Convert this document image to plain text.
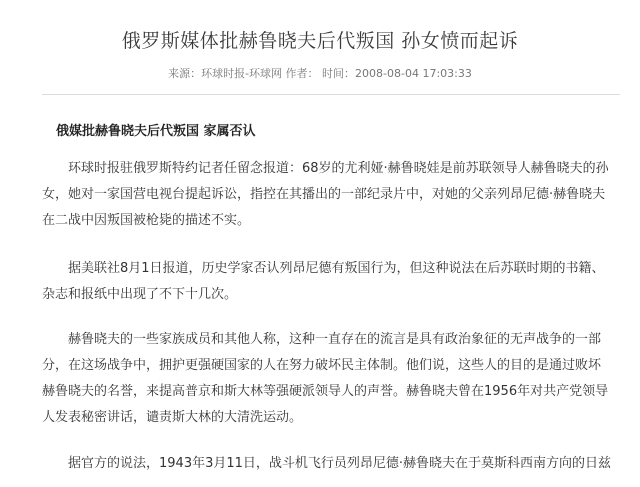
俄罗斯媒体批赫鲁晓夫后代叛国 孙女愤而起诉
来源：环球时报-环球网 作者： 时间：2008-08-04 17:03:33
俄媒批赫鲁晓夫后代叛国 家属否认
环球时报驻俄罗斯特约记者任留念报道：68岁的尤利娅·赫鲁晓娃是前苏联领导人赫鲁晓夫的孙
女，她对一家国营电视台提起诉讼，指控在其播出的一部纪录片中，对她的父亲列昂尼德·赫鲁晓夫
在二战中因叛国被枪毙的描述不实。
据美联社8月1日报道，历史学家否认列昂尼德有叛国行为，但这种说法在后苏联时期的书籍、
杂志和报纸中出现了不下十几次。
赫鲁晓夫的一些家族成员和其他人称，这种一直存在的流言是具有政治象征的无声战争的一部
分，在这场战争中，拥护更强硬国家的人在努力破坏民主体制。他们说，这些人的目的是通过败坏
赫鲁晓夫的名誉，来提高普京和斯大林等强硬派领导人的声誉。赫鲁晓夫曾在1956年对共产党领导
人发表秘密讲话，谴责斯大林的大清洗运动。
据官方的说法，1943年3月11日，战斗机飞行员列昂尼德·赫鲁晓夫在于莫斯科西南方向的日兹
